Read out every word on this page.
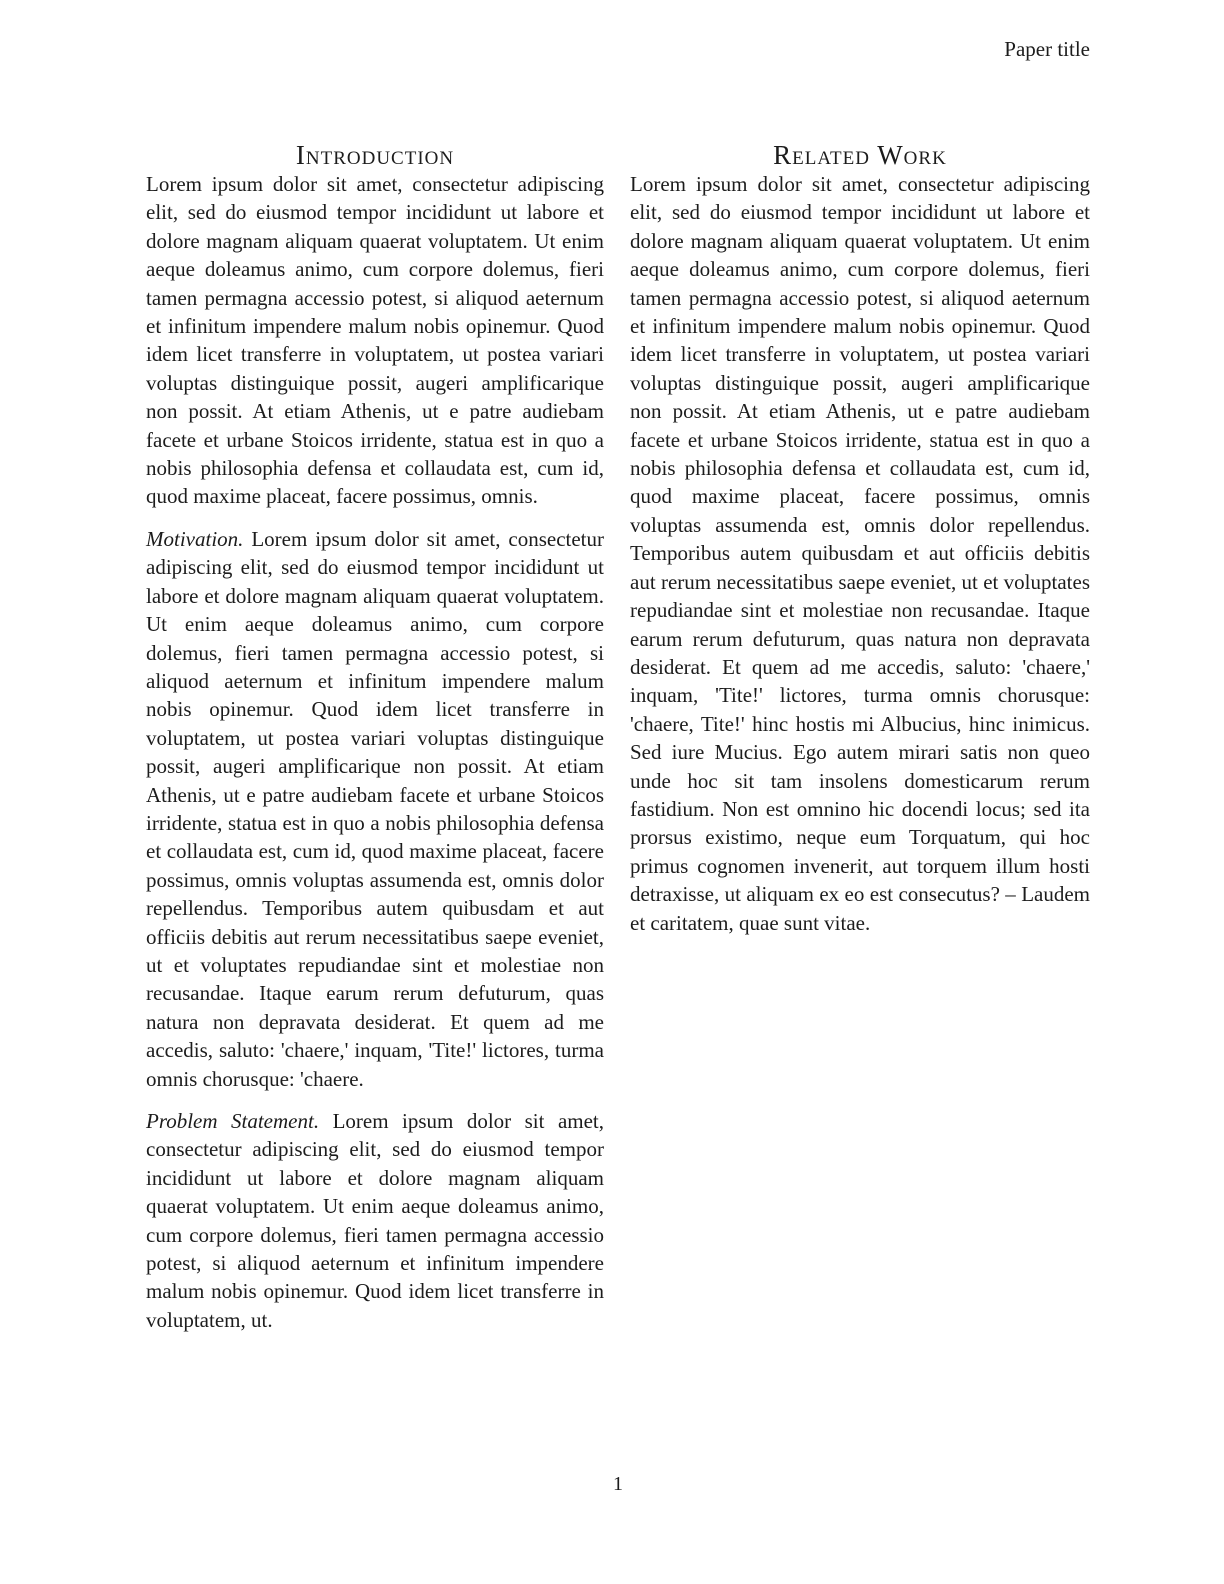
Paper title
Introduction

Lorem ipsum dolor sit amet, consectetur adipiscing elit, sed do eiusmod tempor incididunt ut labore et dolore magnam aliquam quaerat voluptatem. Ut enim aeque doleamus animo, cum corpore dolemus, fieri tamen permagna accessio potest, si aliquod aeternum et infinitum impendere malum nobis opinemur. Quod idem licet transferre in voluptatem, ut postea variari voluptas distinguique possit, augeri amplificarique non possit. At etiam Athenis, ut e patre audiebam facete et urbane Stoicos irridente, statua est in quo a nobis philosophia defensa et collaudata est, cum id, quod maxime placeat, facere possimus, omnis.

Motivation. Lorem ipsum dolor sit amet, consectetur adipiscing elit, sed do eiusmod tempor incididunt ut labore et dolore magnam aliquam quaerat voluptatem. Ut enim aeque doleamus animo, cum corpore dolemus, fieri tamen permagna accessio potest, si aliquod aeternum et infinitum impendere malum nobis opinemur. Quod idem licet transferre in voluptatem, ut postea variari voluptas distinguique possit, augeri amplificarique non possit. At etiam Athenis, ut e patre audiebam facete et urbane Stoicos irridente, statua est in quo a nobis philosophia defensa et collaudata est, cum id, quod maxime placeat, facere possimus, omnis voluptas assumenda est, omnis dolor repellendus. Temporibus autem quibusdam et aut officiis debitis aut rerum necessitatibus saepe eveniet, ut et voluptates repudiandae sint et molestiae non recusandae. Itaque earum rerum defuturum, quas natura non depravata desiderat. Et quem ad me accedis, saluto: 'chaere,' inquam, 'Tite!' lictores, turma omnis chorusque: 'chaere.

Problem Statement. Lorem ipsum dolor sit amet, consectetur adipiscing elit, sed do eiusmod tempor incididunt ut labore et dolore magnam aliquam quaerat voluptatem. Ut enim aeque doleamus animo, cum corpore dolemus, fieri tamen permagna accessio potest, si aliquod aeternum et infinitum impendere malum nobis opinemur. Quod idem licet transferre in voluptatem, ut.

Related Work

Lorem ipsum dolor sit amet, consectetur adipiscing elit, sed do eiusmod tempor incididunt ut labore et dolore magnam aliquam quaerat voluptatem. Ut enim aeque doleamus animo, cum corpore dolemus, fieri tamen permagna accessio potest, si aliquod aeternum et infinitum impendere malum nobis opinemur. Quod idem licet transferre in voluptatem, ut postea variari voluptas distinguique possit, augeri amplificarique non possit. At etiam Athenis, ut e patre audiebam facete et urbane Stoicos irridente, statua est in quo a nobis philosophia defensa et collaudata est, cum id, quod maxime placeat, facere possimus, omnis voluptas assumenda est, omnis dolor repellendus. Temporibus autem quibusdam et aut officiis debitis aut rerum necessitatibus saepe eveniet, ut et voluptates repudiandae sint et molestiae non recusandae. Itaque earum rerum defuturum, quas natura non depravata desiderat. Et quem ad me accedis, saluto: 'chaere,' inquam, 'Tite!' lictores, turma omnis chorusque: 'chaere, Tite!' hinc hostis mi Albucius, hinc inimicus. Sed iure Mucius. Ego autem mirari satis non queo unde hoc sit tam insolens domesticarum rerum fastidium. Non est omnino hic docendi locus; sed ita prorsus existimo, neque eum Torquatum, qui hoc primus cognomen invenerit, aut torquem illum hosti detraxisse, ut aliquam ex eo est consecutus? – Laudem et caritatem, quae sunt vitae.

1
